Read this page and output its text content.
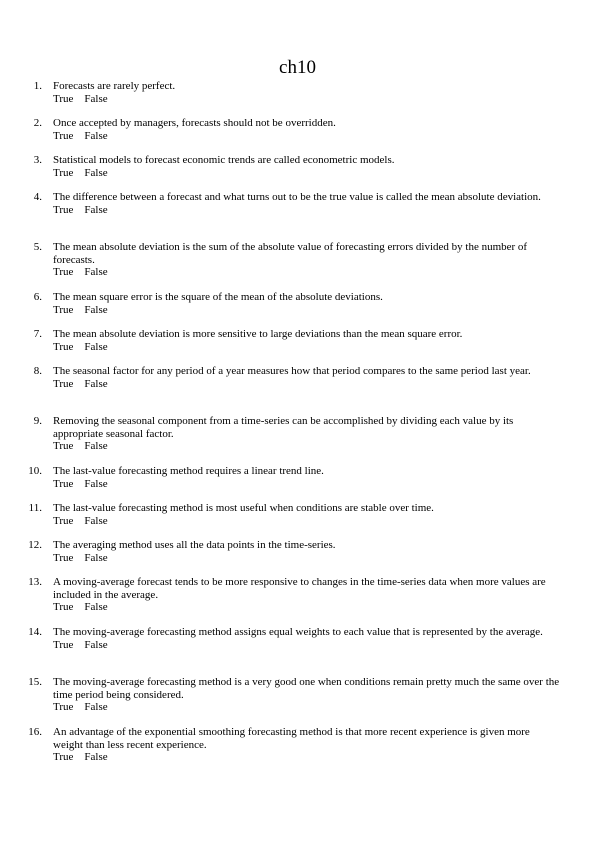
ch10
1. Forecasts are rarely perfect.
True False
2. Once accepted by managers, forecasts should not be overridden.
True False
3. Statistical models to forecast economic trends are called econometric models.
True False
4. The difference between a forecast and what turns out to be the true value is called the mean absolute deviation.
True False
5. The mean absolute deviation is the sum of the absolute value of forecasting errors divided by the number of forecasts.
True False
6. The mean square error is the square of the mean of the absolute deviations.
True False
7. The mean absolute deviation is more sensitive to large deviations than the mean square error.
True False
8. The seasonal factor for any period of a year measures how that period compares to the same period last year.
True False
9. Removing the seasonal component from a time-series can be accomplished by dividing each value by its appropriate seasonal factor.
True False
10. The last-value forecasting method requires a linear trend line.
True False
11. The last-value forecasting method is most useful when conditions are stable over time.
True False
12. The averaging method uses all the data points in the time-series.
True False
13. A moving-average forecast tends to be more responsive to changes in the time-series data when more values are included in the average.
True False
14. The moving-average forecasting method assigns equal weights to each value that is represented by the average.
True False
15. The moving-average forecasting method is a very good one when conditions remain pretty much the same over the time period being considered.
True False
16. An advantage of the exponential smoothing forecasting method is that more recent experience is given more weight than less recent experience.
True False
